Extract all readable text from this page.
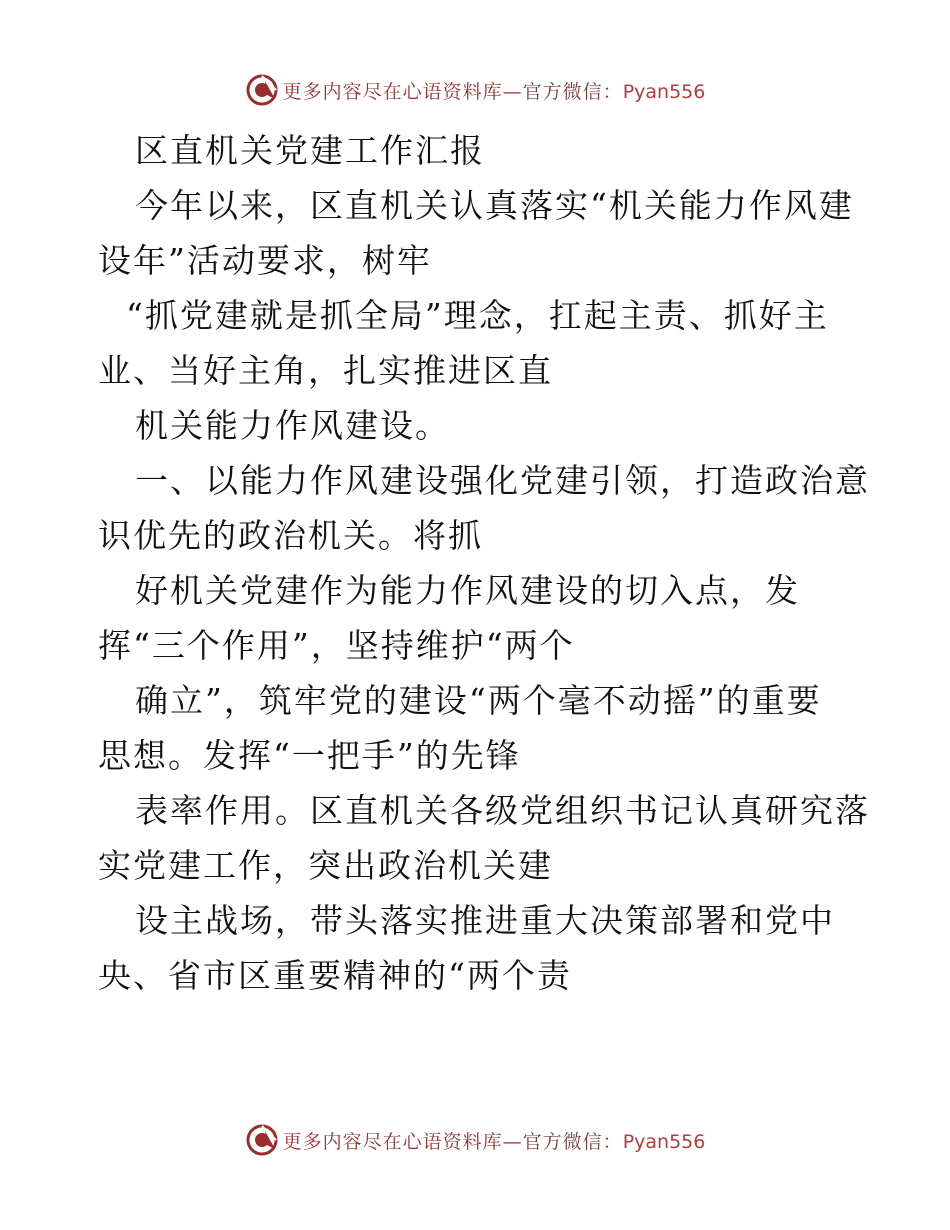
更多内容尽在心语资料库—官方微信：Pyan556
区直机关党建工作汇报
今年以来，区直机关认真落实“机关能力作风建
设年”活动要求，树牢
“抓党建就是抓全局”理念，扛起主责、抓好主
业、当好主角，扎实推进区直
机关能力作风建设。
一、以能力作风建设强化党建引领，打造政治意
识优先的政治机关。将抓
好机关党建作为能力作风建设的切入点，发
挥“三个作用”，坚持维护“两个
确立”，筑牢党的建设“两个毫不动摇”的重要
思想。发挥“一把手”的先锋
表率作用。区直机关各级党组织书记认真研究落
实党建工作，突出政治机关建
设主战场，带头落实推进重大决策部署和党中
央、省市区重要精神的“两个责
更多内容尽在心语资料库—官方微信：Pyan556
